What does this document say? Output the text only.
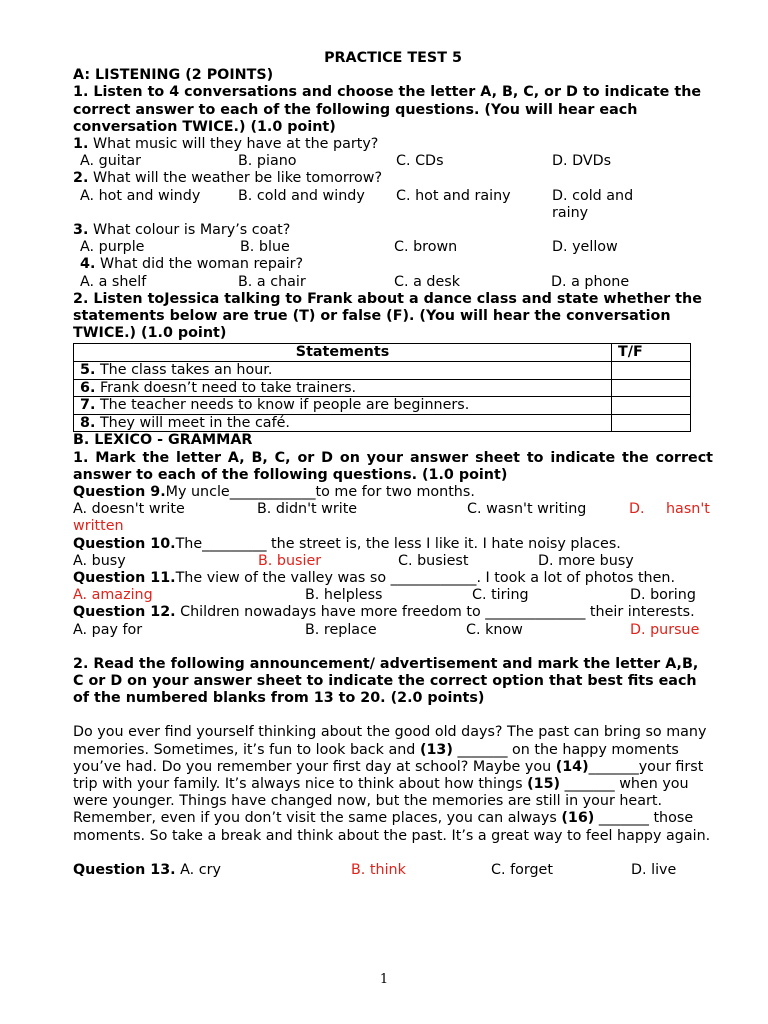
PRACTICE TEST 5

A: LISTENING (2 POINTS)

1. Listen to 4 conversations and choose the letter A, B, C, or D to indicate the correct answer to each of the following questions. (You will hear each conversation TWICE.) (1.0 point)

1. What music will they have at the party?

A. guitar	B. piano	C. CDs	D. DVDs

2. What will the weather be like tomorrow?

A. hot and windy	B. cold and windy	C. hot and rainy	D. cold and rainy

3. What colour is Mary’s coat?

A. purple	B. blue	C. brown	D. yellow

4. What did the woman repair?

A. a shelf	B. a chair	C. a desk	D. a phone

2. Listen toJessica talking to Frank about a dance class and state whether the statements below are true (T) or false (F). (You will hear the conversation TWICE.) (1.0 point)

Statements	T/F
5. The class takes an hour.	
6. Frank doesn’t need to take trainers.	
7. The teacher needs to know if people are beginners.	
8. They will meet in the café.	

B. LEXICO - GRAMMAR

1. Mark the letter A, B, C, or D on your answer sheet to indicate the correct answer to each of the following questions. (1.0 point)

Question 9.My uncle____________to me for two months.

A. doesn't write	B. didn't write	C. wasn't writing	D.	hasn't

written

Question 10.The_________ the street is, the less I like it. I hate noisy places.

A. busy	B. busier	C. busiest	D. more busy

Question 11.The view of the valley was so ____________. I took a lot of photos then.

A. amazing	B. helpless	C. tiring	D. boring

Question 12. Children nowadays have more freedom to ______________ their interests.

A. pay for	B. replace	C. know	D. pursue

2. Read the following announcement/ advertisement and mark the letter A,B, C or D on your answer sheet to indicate the correct option that best fits each of the numbered blanks from 13 to 20. (2.0 points)

Do you ever find yourself thinking about the good old days? The past can bring so many memories. Sometimes, it’s fun to look back and (13) _______ on the happy moments you’ve had. Do you remember your first day at school? Maybe you (14)_______your first trip with your family. It’s always nice to think about how things (15) _______ when you were younger. Things have changed now, but the memories are still in your heart.

Remember, even if you don’t visit the same places, you can always (16) _______ those moments. So take a break and think about the past. It’s a great way to feel happy again.

Question 13. A. cry	B. think	C. forget	D. live
1
